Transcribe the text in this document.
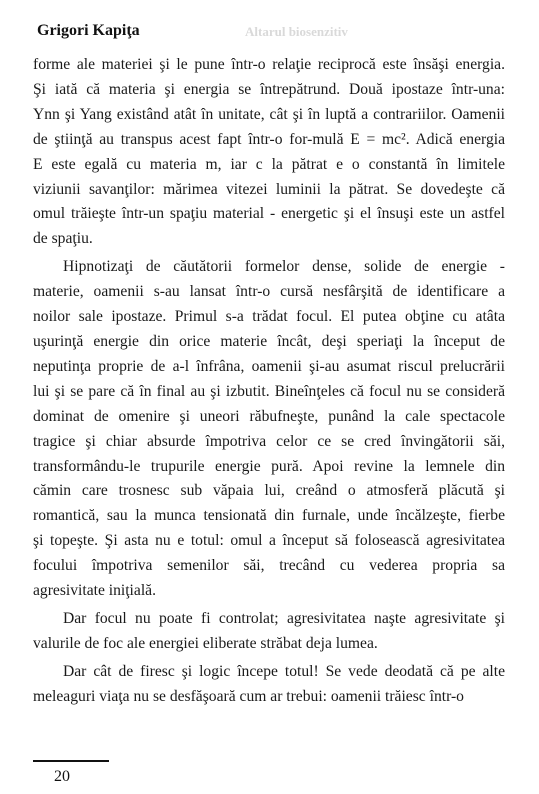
Grigori Kapiţa	Altarul biosenzitiv

forme ale materiei şi le pune într-o relaţie reciprocă este însăşi energia.
Şi iată că materia şi energia se întrepătrund. Două ipostaze într-una:
Ynn şi Yang existând atât în unitate, cât şi în luptă a contrariilor. Oamenii
de ştiinţă au transpus acest fapt într-o for-mulă E = mc². Adică energia
E este egală cu materia m, iar c la pătrat e o constantă în limitele
viziunii savanţilor: mărimea vitezei luminii la pătrat. Se dovedeşte că
omul trăieşte într-un spaţiu material - energetic şi el însuşi este un astfel
de spaţiu.

Hipnotizaţi de căutătorii formelor dense, solide de energie -
materie, oamenii s-au lansat într-o cursă nesfârşită de identificare a
noilor sale ipostaze. Primul s-a trădat focul. El putea obţine cu atâta
uşurinţă energie din orice materie încât, deşi speriaţi la început de
neputinţa proprie de a-l înfrâna, oamenii şi-au asumat riscul prelucrării
lui şi se pare că în final au şi izbutit. Bineînţeles că focul nu se consideră
dominat de omenire şi uneori răbufneşte, punând la cale spectacole
tragice şi chiar absurde împotriva celor ce se cred învingătorii săi,
transformându-le trupurile energie pură. Apoi revine la lemnele din
cămin care trosnesc sub văpaia lui, creând o atmosferă plăcută şi
romantică, sau la munca tensionată din furnale, unde încălzeşte, fierbe
şi topeşte. Şi asta nu e totul: omul a început să folosească agresivitatea
focului împotriva semenilor săi, trecând cu vederea propria sa
agresivitate iniţială.

Dar focul nu poate fi controlat; agresivitatea naşte agresivitate şi
valurile de foc ale energiei eliberate străbat deja lumea.

Dar cât de firesc şi logic începe totul! Se vede deodată că pe alte
meleaguri viaţa nu se desfăşoară cum ar trebui: oamenii trăiesc într-o

20
